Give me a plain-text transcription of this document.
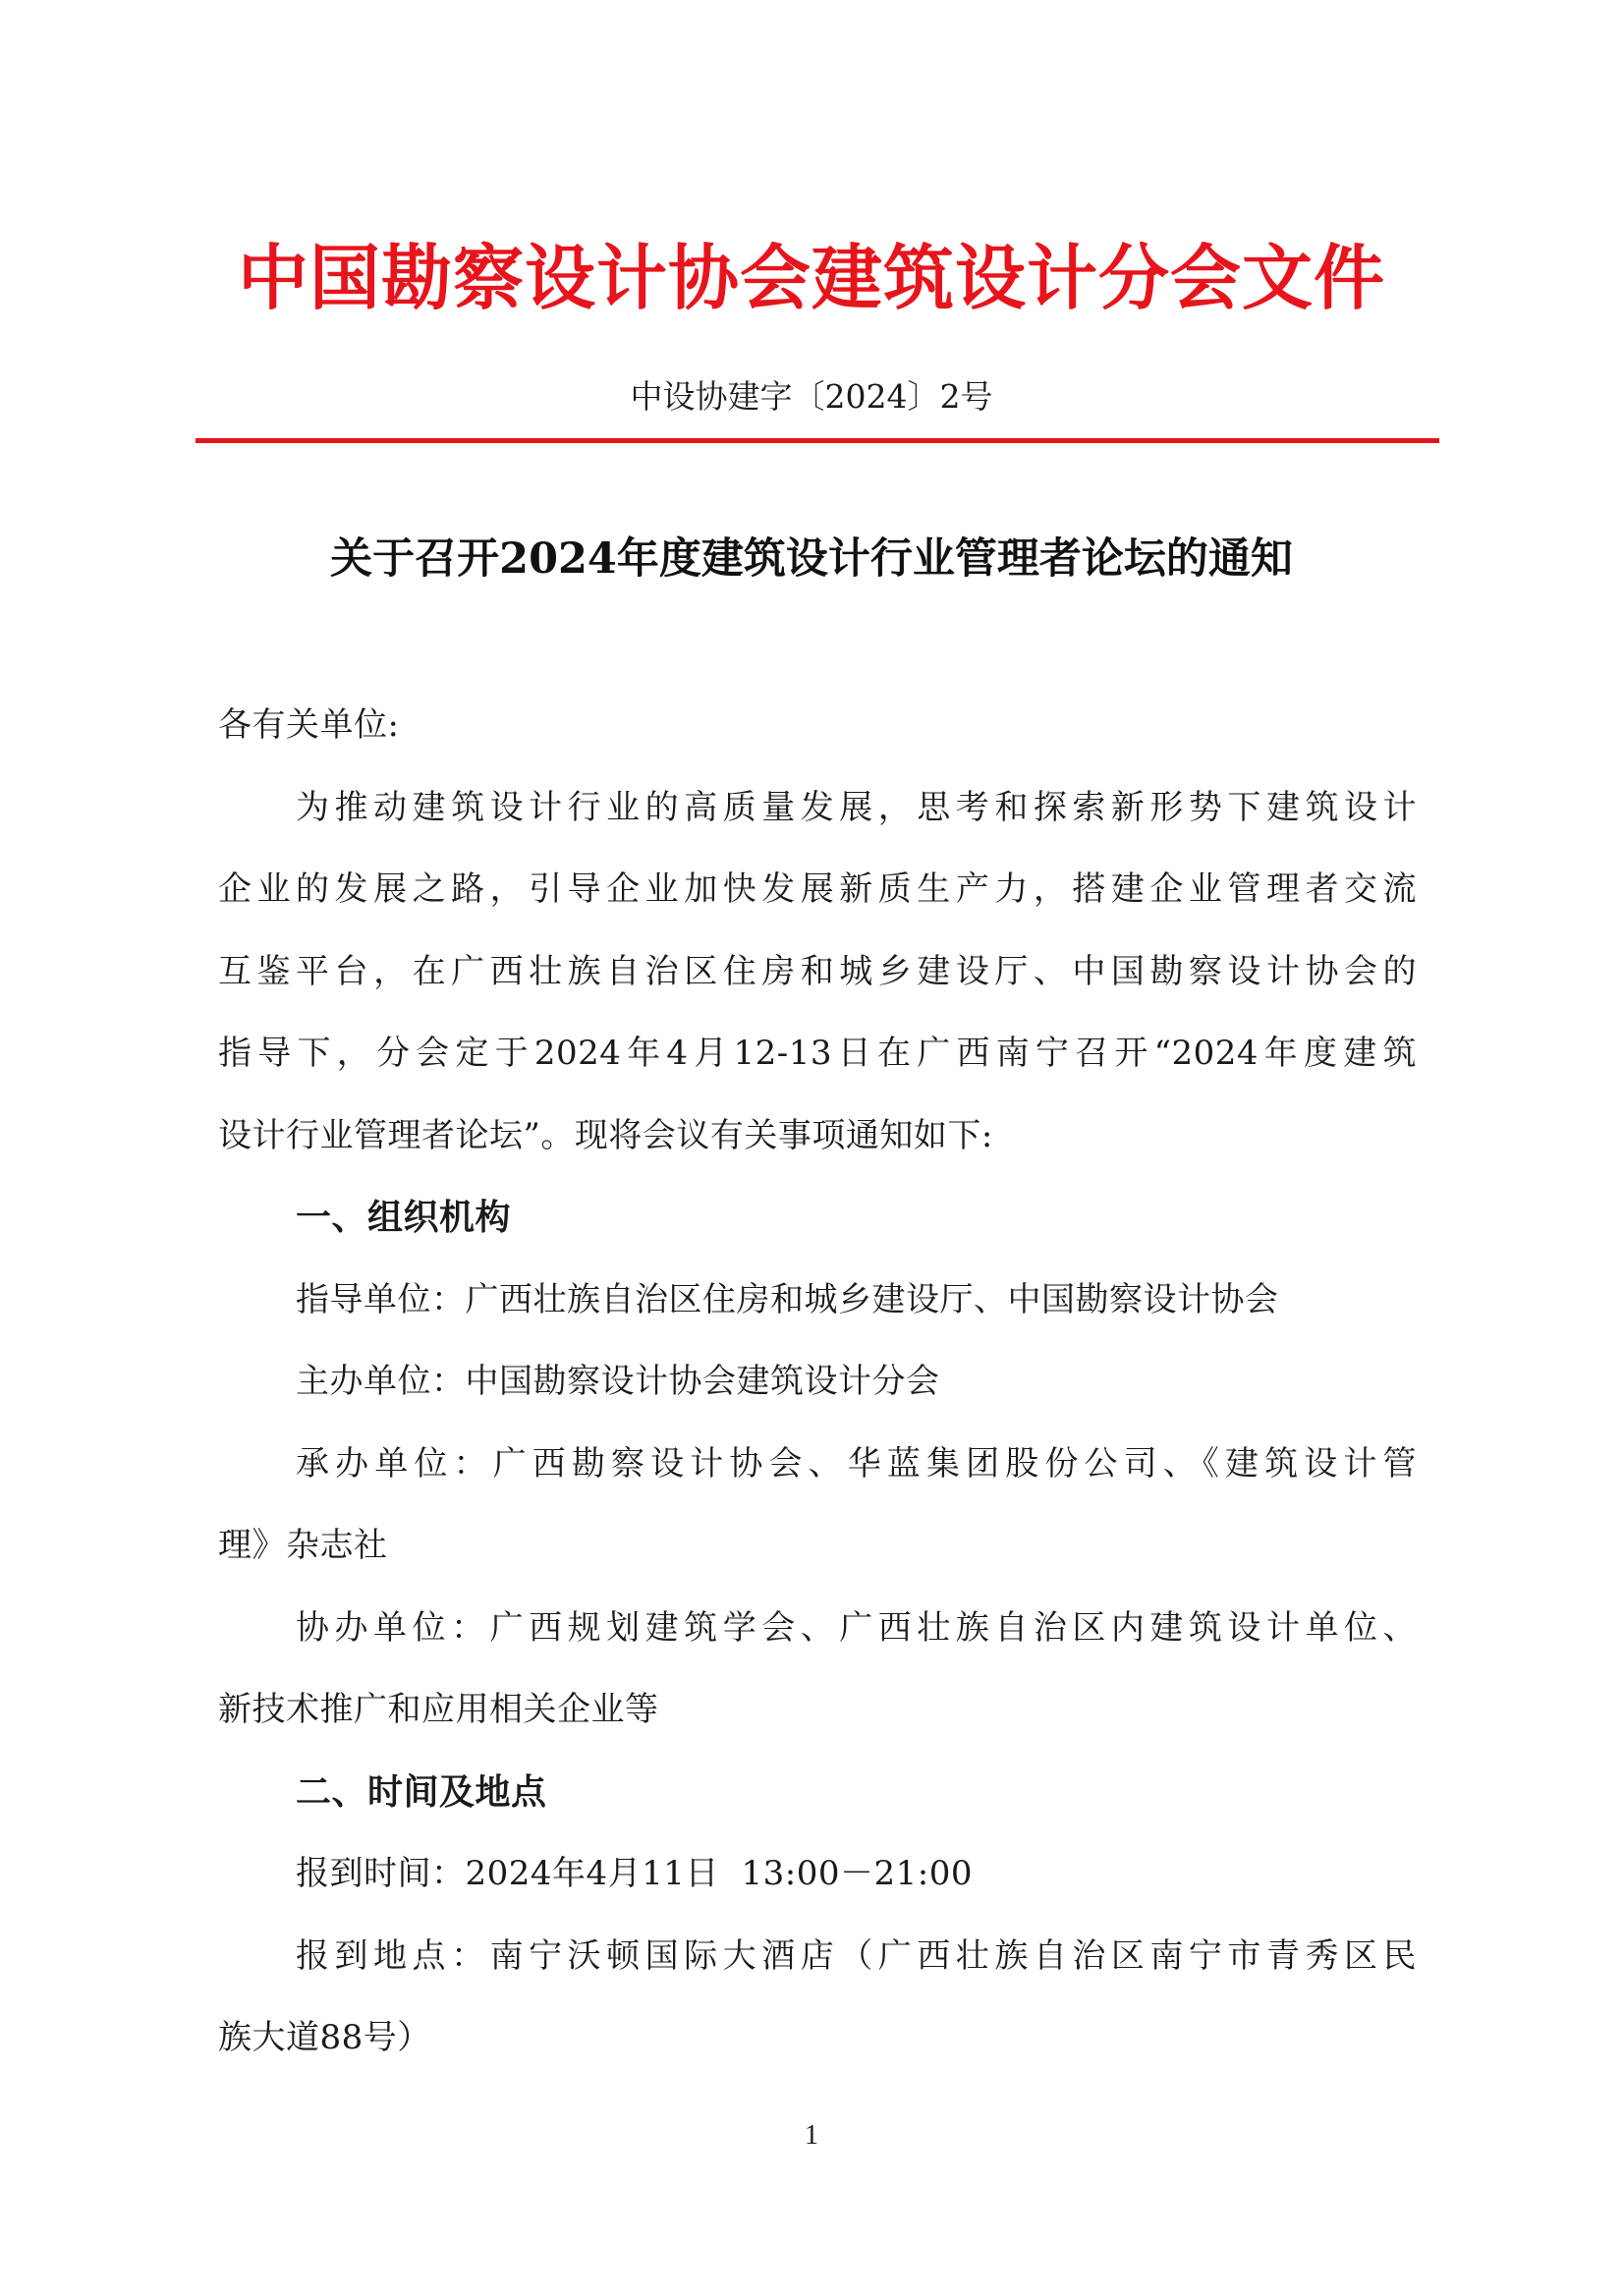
中国勘察设计协会建筑设计分会文件
中设协建字〔2024〕2号
关于召开2024年度建筑设计行业管理者论坛的通知
各有关单位:
为推动建筑设计行业的高质量发展，思考和探索新形势下建筑设计
企业的发展之路，引导企业加快发展新质生产力，搭建企业管理者交流
互鉴平台，在广西壮族自治区住房和城乡建设厅、中国勘察设计协会的
指导下，分会定于2024年4月12-13日在广西南宁召开“2024年度建筑
设计行业管理者论坛”。现将会议有关事项通知如下:
一、组织机构
指导单位：广西壮族自治区住房和城乡建设厅、中国勘察设计协会
主办单位：中国勘察设计协会建筑设计分会
承办单位：广西勘察设计协会、华蓝集团股份公司、《建筑设计管
理》杂志社
协办单位：广西规划建筑学会、广西壮族自治区内建筑设计单位、
新技术推广和应用相关企业等
二、时间及地点
报到时间：2024年4月11日  13:00－21:00
报到地点：南宁沃顿国际大酒店（广西壮族自治区南宁市青秀区民
族大道88号）
1
